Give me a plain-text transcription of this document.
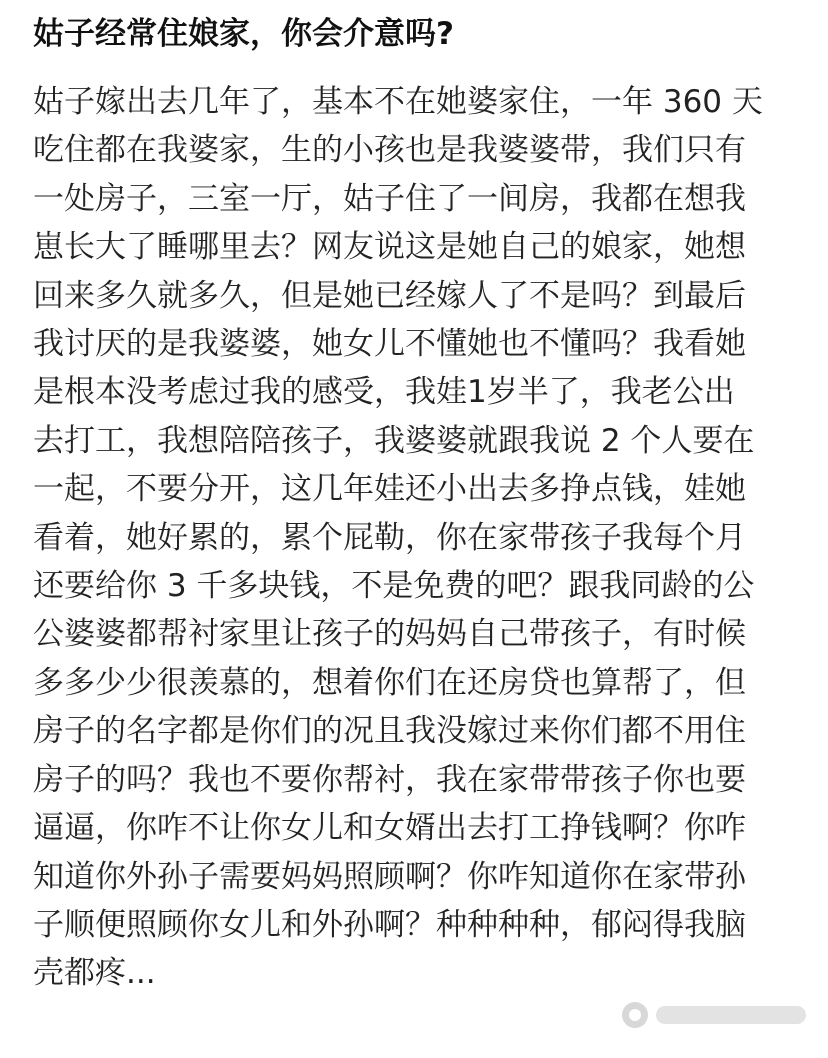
姑子经常住娘家，你会介意吗?
姑子嫁出去几年了，基本不在她婆家住，一年 360 天
吃住都在我婆家，生的小孩也是我婆婆带，我们只有
一处房子，三室一厅，姑子住了一间房，我都在想我
崽长大了睡哪里去？网友说这是她自己的娘家，她想
回来多久就多久，但是她已经嫁人了不是吗？到最后
我讨厌的是我婆婆，她女儿不懂她也不懂吗？我看她
是根本没考虑过我的感受，我娃1岁半了，我老公出
去打工，我想陪陪孩子，我婆婆就跟我说 2 个人要在
一起，不要分开，这几年娃还小出去多挣点钱，娃她
看着，她好累的，累个屁勒，你在家带孩子我每个月
还要给你 3 千多块钱，不是免费的吧？跟我同龄的公
公婆婆都帮衬家里让孩子的妈妈自己带孩子，有时候
多多少少很羡慕的，想着你们在还房贷也算帮了，但
房子的名字都是你们的况且我没嫁过来你们都不用住
房子的吗？我也不要你帮衬，我在家带带孩子你也要
逼逼，你咋不让你女儿和女婿出去打工挣钱啊？你咋
知道你外孙子需要妈妈照顾啊？你咋知道你在家带孙
子顺便照顾你女儿和外孙啊？种种种种，郁闷得我脑
壳都疼...
